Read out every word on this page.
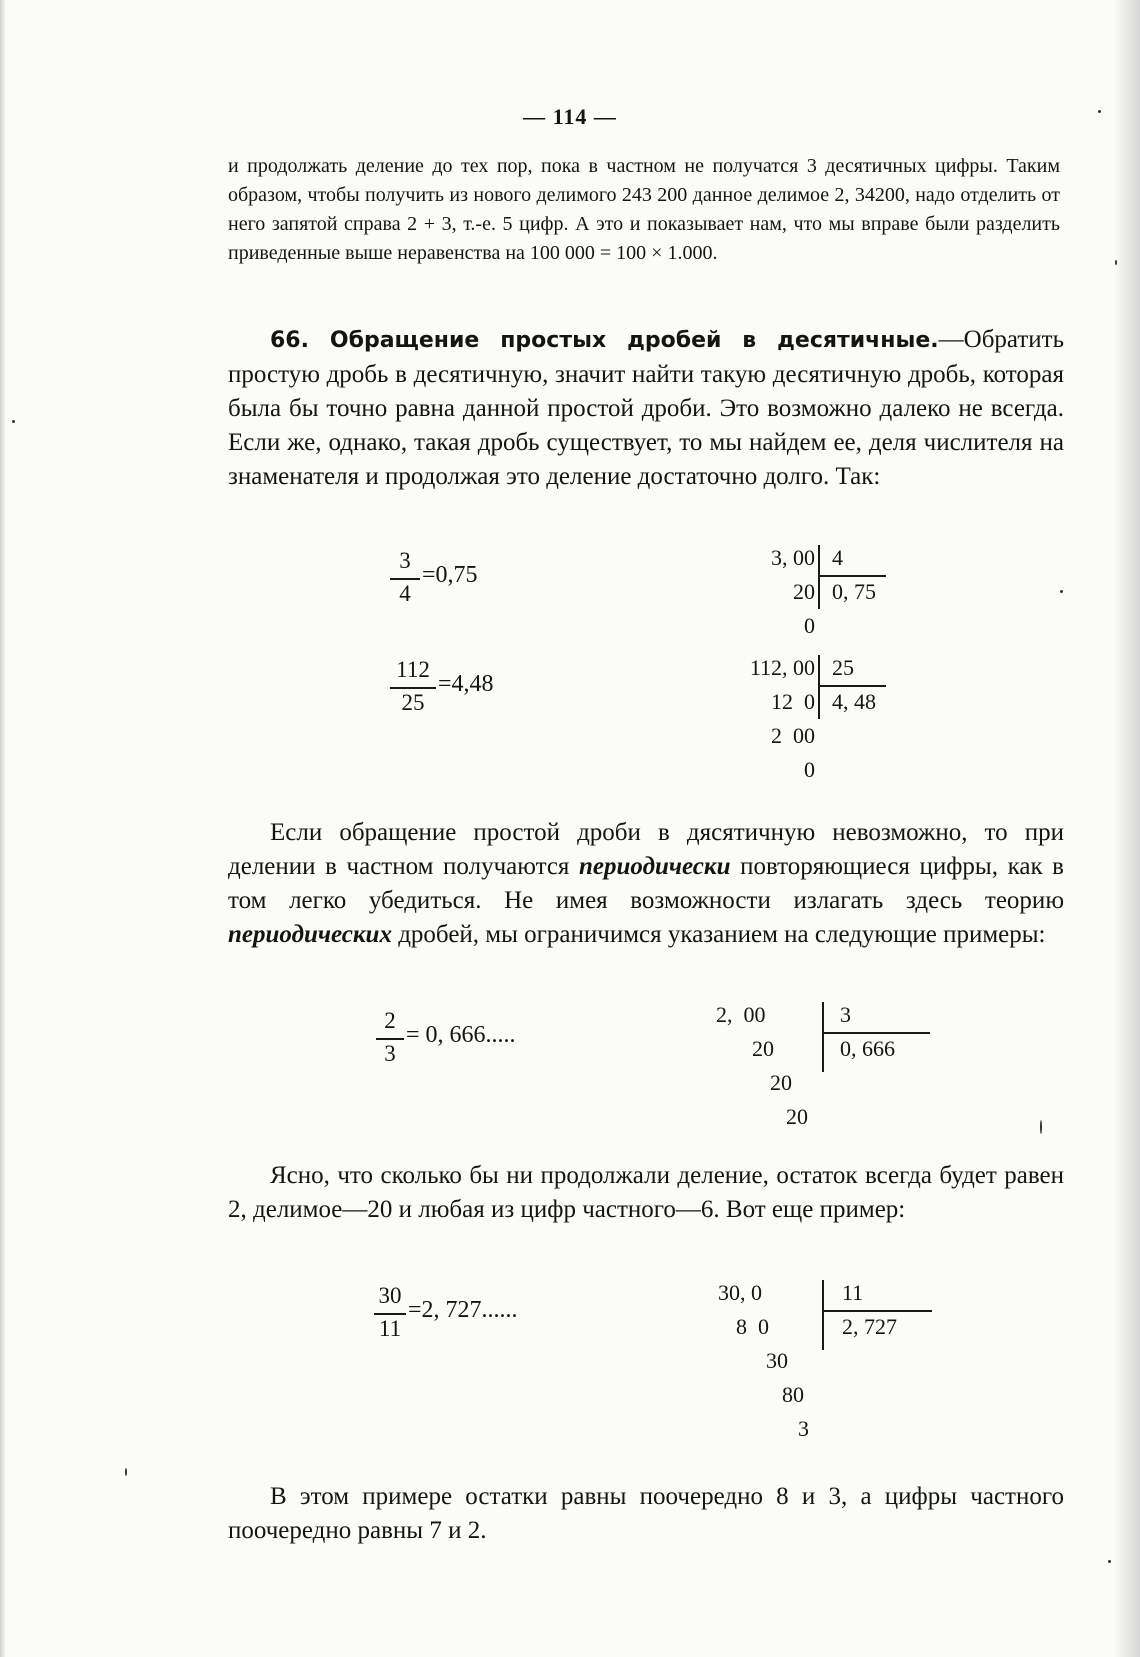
— 114 —
и продолжать деление до тех пор, пока в частном не получатся 3 десятичных цифры. Таким образом, чтобы получить из нового делимого 243 200 данное делимое 2, 34200, надо отделить от него запятой справа 2 + 3, т.-е. 5 цифр. А это и показывает нам, что мы вправе были разделить приведенные выше неравенства на 100 000 = 100 × 1.000.
66. Обращение простых дробей в десятичные.—Обратить простую дробь в десятичную, значит найти такую десятичную дробь, которая была бы точно равна данной простой дроби. Это возможно далеко не всегда. Если же, однако, такая дробь существует, то мы найдем ее, деля числителя на знаменателя и продолжая это деление достаточно долго. Так:
3
4
=0,75
3, 00
20
0
4
0, 75
112
25
=4,48
112, 00
12  0
2  00
0
25
4, 48
Если обращение простой дроби в дясятичную невозможно, то при делении в частном получаются периодически повторяющиеся цифры, как в том легко убедиться. Не имея возможности излагать здесь теорию периодических дробей, мы ограничимся указанием на следующие примеры:
2
3
= 0, 666.....
2,  00
20
20
20
3
0, 666
Ясно, что сколько бы ни продолжали деление, остаток всегда будет равен 2, делимое—20 и любая из цифр частного—6. Вот еще пример:
30
11
=2, 727......
30, 0
8  0
30
80
3
11
2, 727
В этом примере остатки равны поочередно 8 и 3, а цифры частного поочередно равны 7 и 2.
